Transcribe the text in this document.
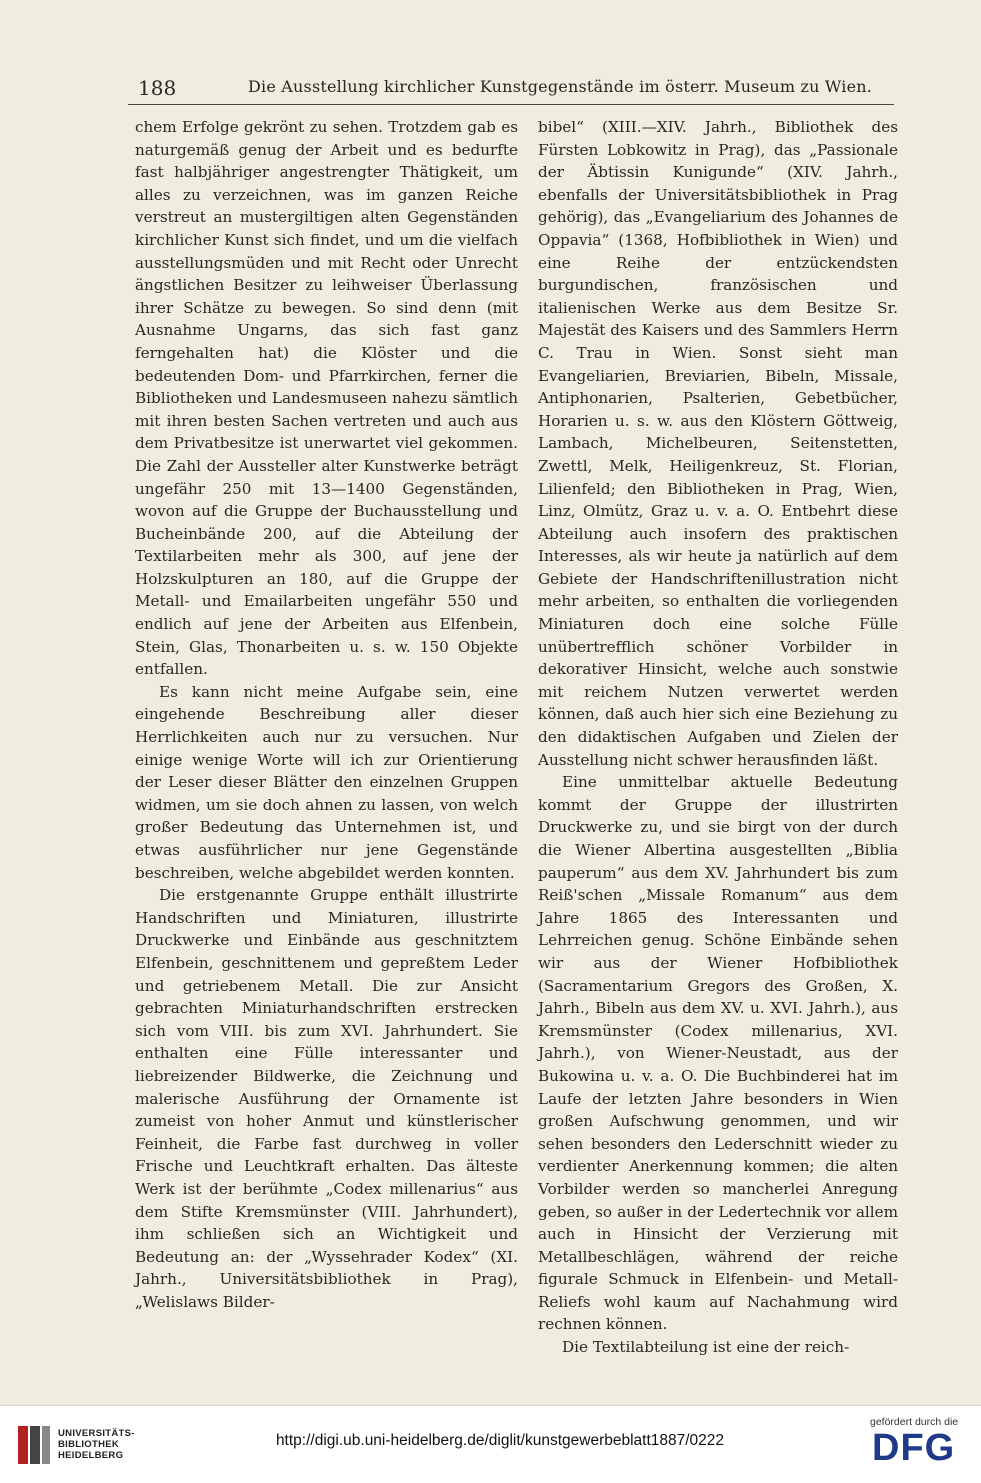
188	Die Ausstellung kirchlicher Kunstgegenstände im österr. Museum zu Wien.

chem Erfolge gekrönt zu sehen. Trotzdem gab es naturgemäß genug der Arbeit und es bedurfte fast halbjähriger angestrengter Thätigkeit, um alles zu verzeichnen, was im ganzen Reiche verstreut an mustergiltigen alten Gegenständen kirchlicher Kunst sich findet, und um die vielfach ausstellungsmüden und mit Recht oder Unrecht ängstlichen Besitzer zu leihweiser Überlassung ihrer Schätze zu bewegen. So sind denn (mit Ausnahme Ungarns, das sich fast ganz ferngehalten hat) die Klöster und die bedeutenden Dom- und Pfarrkirchen, ferner die Bibliotheken und Landesmuseen nahezu sämtlich mit ihren besten Sachen vertreten und auch aus dem Privatbesitze ist unerwartet viel gekommen. Die Zahl der Aussteller alter Kunstwerke beträgt ungefähr 250 mit 13—1400 Gegenständen, wovon auf die Gruppe der Buchausstellung und Bucheinbände 200, auf die Abteilung der Textilarbeiten mehr als 300, auf jene der Holzskulpturen an 180, auf die Gruppe der Metall- und Emailarbeiten ungefähr 550 und endlich auf jene der Arbeiten aus Elfenbein, Stein, Glas, Thonarbeiten u. s. w. 150 Objekte entfallen.

Es kann nicht meine Aufgabe sein, eine eingehende Beschreibung aller dieser Herrlichkeiten auch nur zu versuchen. Nur einige wenige Worte will ich zur Orientierung der Leser dieser Blätter den einzelnen Gruppen widmen, um sie doch ahnen zu lassen, von welch großer Bedeutung das Unternehmen ist, und etwas ausführlicher nur jene Gegenstände beschreiben, welche abgebildet werden konnten.

Die erstgenannte Gruppe enthält illustrirte Handschriften und Miniaturen, illustrirte Druckwerke und Einbände aus geschnitztem Elfenbein, geschnittenem und gepreßtem Leder und getriebenem Metall. Die zur Ansicht gebrachten Miniaturhandschriften erstrecken sich vom VIII. bis zum XVI. Jahrhundert. Sie enthalten eine Fülle interessanter und liebreizender Bildwerke, die Zeichnung und malerische Ausführung der Ornamente ist zumeist von hoher Anmut und künstlerischer Feinheit, die Farbe fast durchweg in voller Frische und Leuchtkraft erhalten. Das älteste Werk ist der berühmte „Codex millenarius“ aus dem Stifte Kremsmünster (VIII. Jahrhundert), ihm schließen sich an Wichtigkeit und Bedeutung an: der „Wyssehrader Kodex“ (XI. Jahrh., Universitätsbibliothek in Prag), „Welislaws Bilder-

bibel“ (XIII.—XIV. Jahrh., Bibliothek des Fürsten Lobkowitz in Prag), das „Passionale der Äbtissin Kunigunde“ (XIV. Jahrh., ebenfalls der Universitätsbibliothek in Prag gehörig), das „Evangeliarium des Johannes de Oppavia“ (1368, Hofbibliothek in Wien) und eine Reihe der entzückendsten burgundischen, französischen und italienischen Werke aus dem Besitze Sr. Majestät des Kaisers und des Sammlers Herrn C. Trau in Wien. Sonst sieht man Evangeliarien, Breviarien, Bibeln, Missale, Antiphonarien, Psalterien, Gebetbücher, Horarien u. s. w. aus den Klöstern Göttweig, Lambach, Michelbeuren, Seitenstetten, Zwettl, Melk, Heiligenkreuz, St. Florian, Lilienfeld; den Bibliotheken in Prag, Wien, Linz, Olmütz, Graz u. v. a. O. Entbehrt diese Abteilung auch insofern des praktischen Interesses, als wir heute ja natürlich auf dem Gebiete der Handschriftenillustration nicht mehr arbeiten, so enthalten die vorliegenden Miniaturen doch eine solche Fülle unübertrefflich schöner Vorbilder in dekorativer Hinsicht, welche auch sonstwie mit reichem Nutzen verwertet werden können, daß auch hier sich eine Beziehung zu den didaktischen Aufgaben und Zielen der Ausstellung nicht schwer herausfinden läßt.

Eine unmittelbar aktuelle Bedeutung kommt der Gruppe der illustrirten Druckwerke zu, und sie birgt von der durch die Wiener Albertina ausgestellten „Biblia pauperum“ aus dem XV. Jahrhundert bis zum Reiß'schen „Missale Romanum“ aus dem Jahre 1865 des Interessanten und Lehrreichen genug. Schöne Einbände sehen wir aus der Wiener Hofbibliothek (Sacramentarium Gregors des Großen, X. Jahrh., Bibeln aus dem XV. u. XVI. Jahrh.), aus Kremsmünster (Codex millenarius, XVI. Jahrh.), von Wiener-Neustadt, aus der Bukowina u. v. a. O. Die Buchbinderei hat im Laufe der letzten Jahre besonders in Wien großen Aufschwung genommen, und wir sehen besonders den Lederschnitt wieder zu verdienter Anerkennung kommen; die alten Vorbilder werden so mancherlei Anregung geben, so außer in der Ledertechnik vor allem auch in Hinsicht der Verzierung mit Metallbeschlägen, während der reiche figurale Schmuck in Elfenbein- und Metall-Reliefs wohl kaum auf Nachahmung wird rechnen können.

Die Textilabteilung ist eine der reich-

UNIVERSITÄTS-
BIBLIOTHEK
HEIDELBERG
http://digi.ub.uni-heidelberg.de/diglit/kunstgewerbeblatt1887/0222
gefördert durch die
DFG
